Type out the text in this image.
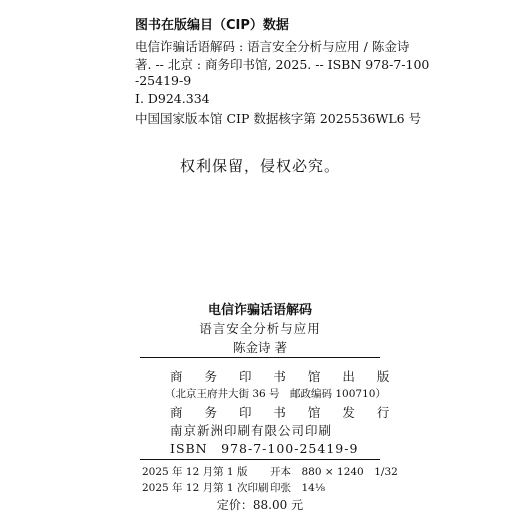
图书在版编目（CIP）数据
电信诈骗话语解码 : 语言安全分析与应用 / 陈金诗
著. -- 北京 : 商务印书馆, 2025. -- ISBN 978-7-100
-25419-9
I. D924.334
中国国家版本馆 CIP 数据核字第 2025536WL6 号
权利保留，侵权必究。
电信诈骗话语解码
语言安全分析与应用
陈金诗 著
商 务 印 书 馆 出 版
（北京王府井大街 36 号　邮政编码 100710）
商 务 印 书 馆 发 行
南京新洲印刷有限公司印刷
ISBN　978-7-100-25419-9
2025 年 12 月第 1 版
2025 年 12 月第 1 次印刷
开本　880 × 1240　1/32
印张　14⅛
定价：88.00 元
